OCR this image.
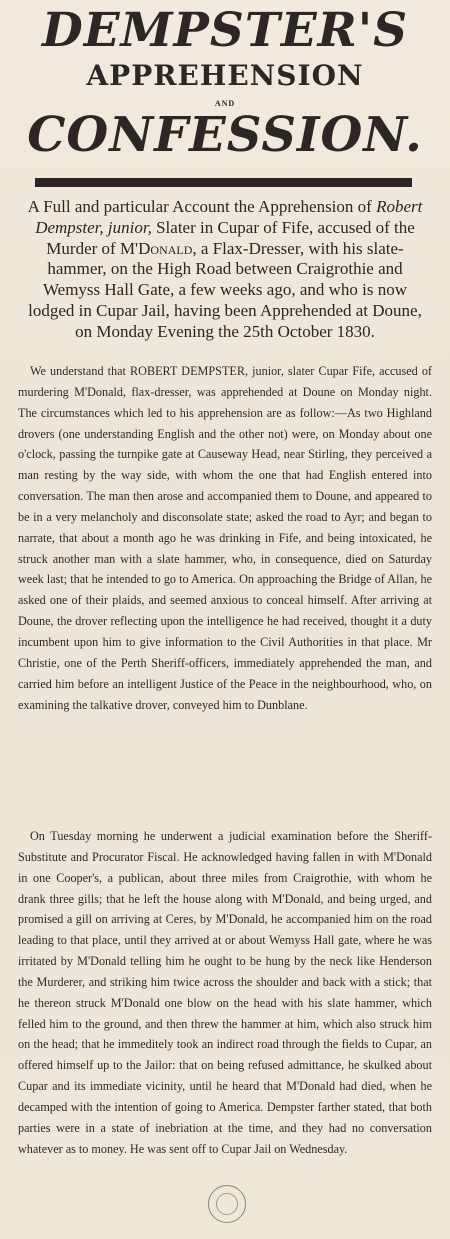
DEMPSTER'S
APPREHENSION
AND
CONFESSION.
A Full and particular Account the Apprehension of Robert Dempster, junior, Slater in Cupar of Fife, accused of the Murder of M'Donald, a Flax-Dresser, with his slate-hammer, on the High Road between Craigrothie and Wemyss Hall Gate, a few weeks ago, and who is now lodged in Cupar Jail, having been Apprehended at Doune, on Monday Evening the 25th October 1830.
We understand that ROBERT DEMPSTER, junior, slater Cupar Fife, accused of murdering M'Donald, flax-dresser, was apprehended at Doune on Monday night. The circumstances which led to his apprehension are as follow:—As two Highland drovers (one understanding English and the other not) were, on Monday about one o'clock, passing the turnpike gate at Causeway Head, near Stirling, they perceived a man resting by the way side, with whom the one that had English entered into conversation. The man then arose and accompanied them to Doune, and appeared to be in a very melancholy and disconsolate state; asked the road to Ayr; and began to narrate, that about a month ago he was drinking in Fife, and being intoxicated, he struck another man with a slate hammer, who, in consequence, died on Saturday week last; that he intended to go to America. On approaching the Bridge of Allan, he asked one of their plaids, and seemed anxious to conceal himself. After arriving at Doune, the drover reflecting upon the intelligence he had received, thought it a duty incumbent upon him to give information to the Civil Authorities in that place. Mr Christie, one of the Perth Sheriff-officers, immediately apprehended the man, and carried him before an intelligent Justice of the Peace in the neighbourhood, who, on examining the talkative drover, conveyed him to Dunblane.
On Tuesday morning he underwent a judicial examination before the Sheriff-Substitute and Procurator Fiscal. He acknowledged having fallen in with M'Donald in one Cooper's, a publican, about three miles from Craigrothie, with whom he drank three gills; that he left the house along with M'Donald, and being urged, and promised a gill on arriving at Ceres, by M'Donald, he accompanied him on the road leading to that place, until they arrived at or about Wemyss Hall gate, where he was irritated by M'Donald telling him he ought to be hung by the neck like Henderson the Murderer, and striking him twice across the shoulder and back with a stick; that he thereon struck M'Donald one blow on the head with his slate hammer, which felled him to the ground, and then threw the hammer at him, which also struck him on the head; that he immeditely took an indirect road through the fields to Cupar, an offered himself up to the Jailor: that on being refused admittance, he skulked about Cupar and its immediate vicinity, until he heard that M'Donald had died, when he decamped with the intention of going to America. Dempster farther stated, that both parties were in a state of inebriation at the time, and they had no conversation whatever as to money. He was sent off to Cupar Jail on Wednesday.
